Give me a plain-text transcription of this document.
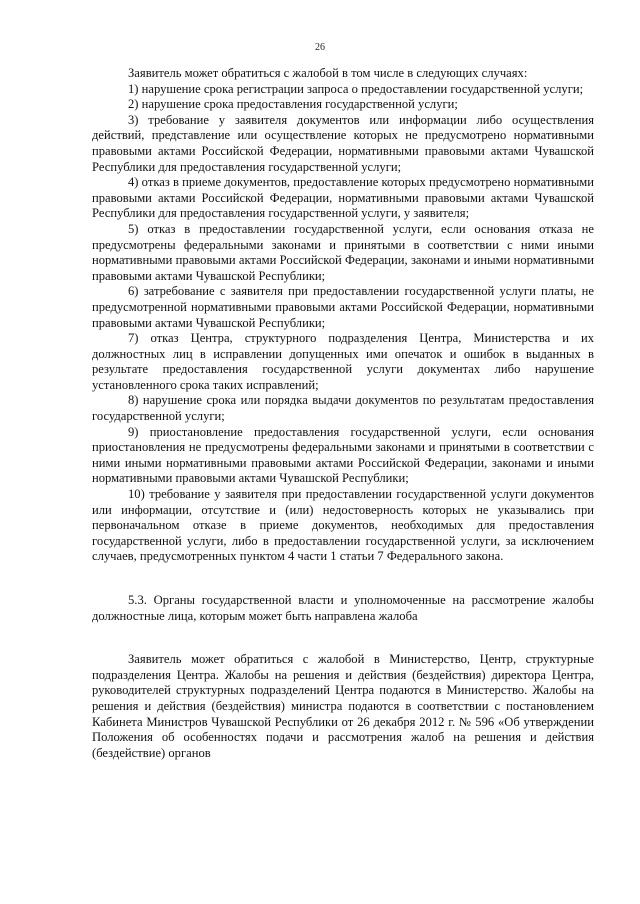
26

Заявитель может обратиться с жалобой в том числе в следующих случаях:

1) нарушение срока регистрации запроса о предоставлении государственной услуги;

2) нарушение срока предоставления государственной услуги;

3) требование у заявителя документов или информации либо осуществления действий, представление или осуществление которых не предусмотрено нормативными правовыми актами Российской Федерации, нормативными правовыми актами Чувашской Республики для предоставления государственной услуги;

4) отказ в приеме документов, предоставление которых предусмотрено нормативными правовыми актами Российской Федерации, нормативными правовыми актами Чувашской Республики для предоставления государственной услуги, у заявителя;

5) отказ в предоставлении государственной услуги, если основания отказа не предусмотрены федеральными законами и принятыми в соответствии с ними иными нормативными правовыми актами Российской Федерации, законами и иными нормативными правовыми актами Чувашской Республики;

6) затребование с заявителя при предоставлении государственной услуги платы, не предусмотренной нормативными правовыми актами Российской Федерации, нормативными правовыми актами Чувашской Республики;

7) отказ Центра, структурного подразделения Центра, Министерства и их должностных лиц в исправлении допущенных ими опечаток и ошибок в выданных в результате предоставления государственной услуги документах либо нарушение установленного срока таких исправлений;

8) нарушение срока или порядка выдачи документов по результатам предоставления государственной услуги;

9) приостановление предоставления государственной услуги, если основания приостановления не предусмотрены федеральными законами и принятыми в соответствии с ними иными нормативными правовыми актами Российской Федерации, законами и иными нормативными правовыми актами Чувашской Республики;

10) требование у заявителя при предоставлении государственной услуги документов или информации, отсутствие и (или) недостоверность которых не указывались при первоначальном отказе в приеме документов, необходимых для предоставления государственной услуги, либо в предоставлении государственной услуги, за исключением случаев, предусмотренных пунктом 4 части 1 статьи 7 Федерального закона.

5.3. Органы государственной власти и уполномоченные на рассмотрение жалобы должностные лица, которым может быть направлена жалоба

Заявитель может обратиться с жалобой в Министерство, Центр, структурные подразделения Центра. Жалобы на решения и действия (бездействия) директора Центра, руководителей структурных подразделений Центра подаются в Министерство. Жалобы на решения и действия (бездействия) министра подаются в соответствии с постановлением Кабинета Министров Чувашской Республики от 26 декабря 2012 г. № 596 «Об утверждении Положения об особенностях подачи и рассмотрения жалоб на решения и действия (бездействие) органов
